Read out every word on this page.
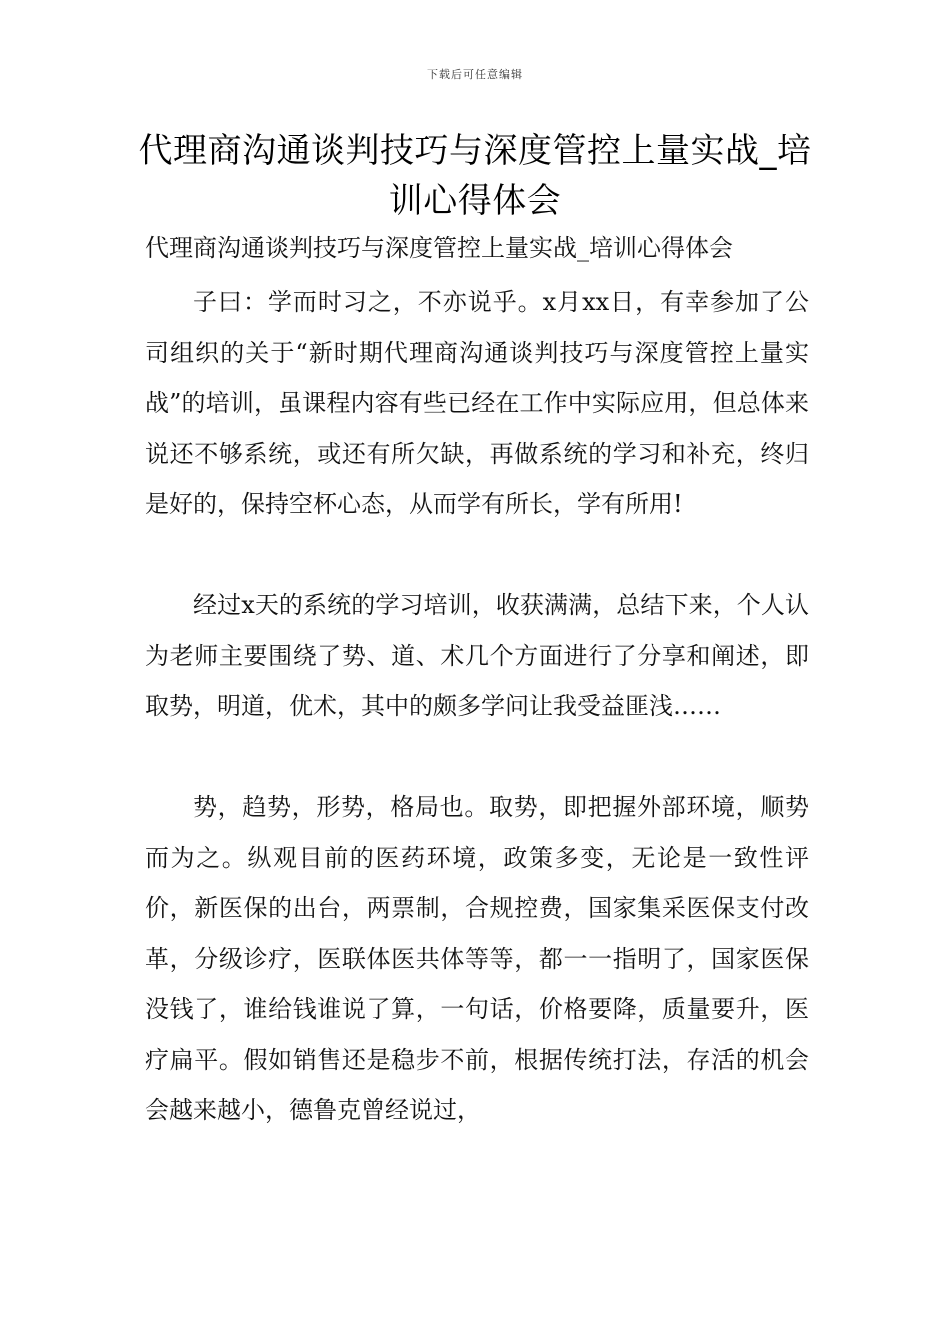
下载后可任意编辑
代理商沟通谈判技巧与深度管控上量实战_培训心得体会
代理商沟通谈判技巧与深度管控上量实战_培训心得体会

子曰：学而时习之，不亦说乎。x月xx日，有幸参加了公司组织的关于“新时期代理商沟通谈判技巧与深度管控上量实战”的培训，虽课程内容有些已经在工作中实际应用，但总体来说还不够系统，或还有所欠缺，再做系统的学习和补充，终归是好的，保持空杯心态，从而学有所长，学有所用!

经过x天的系统的学习培训，收获满满，总结下来，个人认为老师主要围绕了势、道、术几个方面进行了分享和阐述，即取势，明道，优术，其中的颇多学问让我受益匪浅……

势，趋势，形势，格局也。取势，即把握外部环境，顺势而为之。纵观目前的医药环境，政策多变，无论是一致性评价，新医保的出台，两票制，合规控费，国家集采医保支付改革，分级诊疗，医联体医共体等等，都一一指明了，国家医保没钱了，谁给钱谁说了算，一句话，价格要降，质量要升，医疗扁平。假如销售还是稳步不前，根据传统打法，存活的机会会越来越小，德鲁克曾经说过，
